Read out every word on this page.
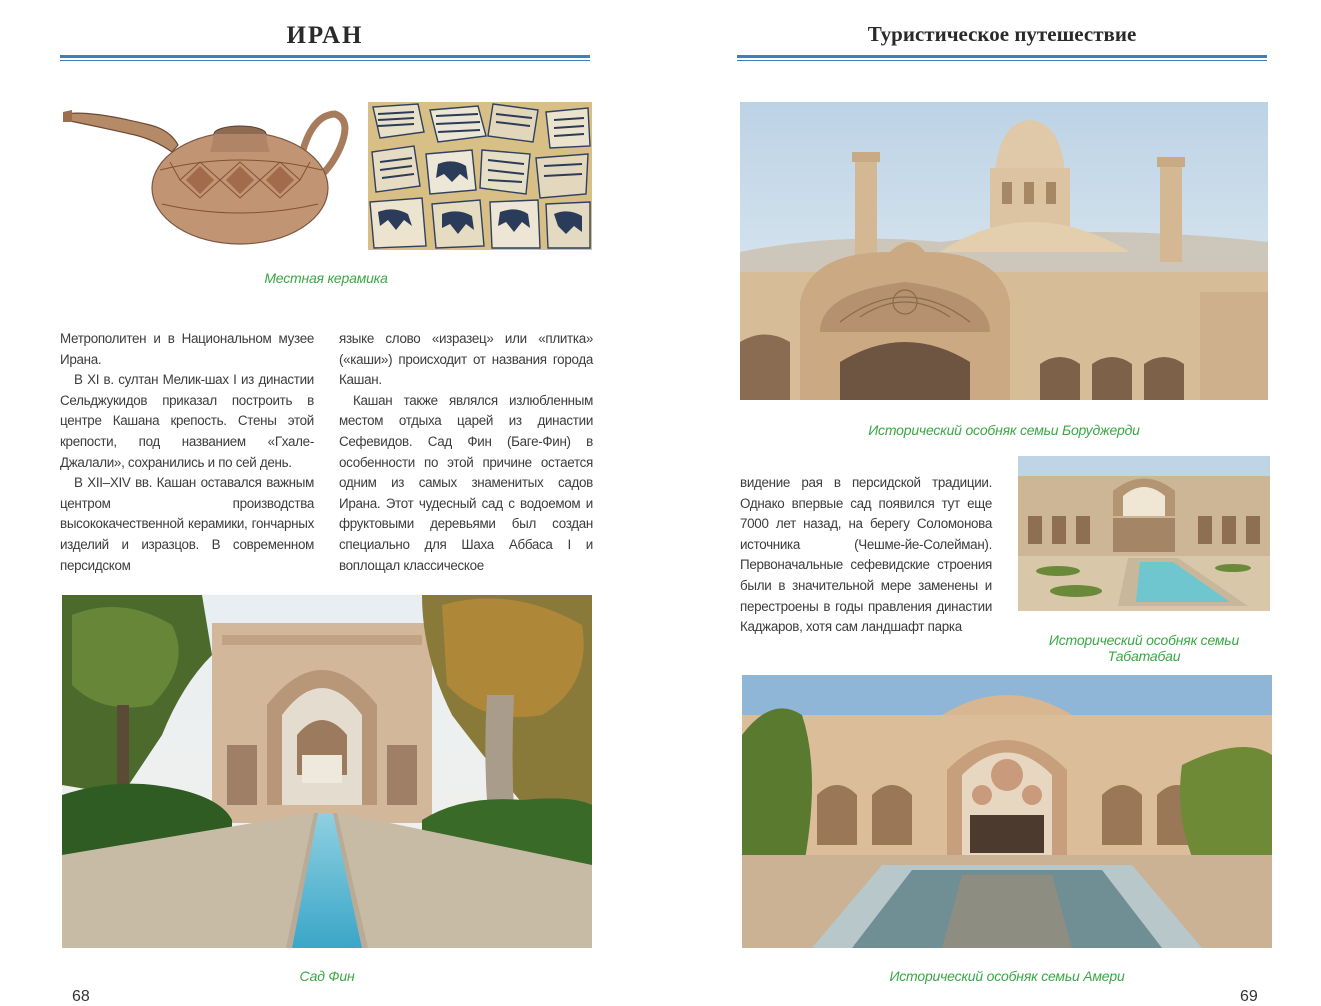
ИРАН
Местная керамика
Метрополитен и в Национальном музее Ирана.
В XI в. султан Мелик-шах I из династии Сельджукидов приказал построить в центре Кашана крепость. Стены этой крепости, под названием «Гхале-Джалали», сохранились и по сей день.
В XII–XIV вв. Кашан оставался важным центром производства высококачественной керамики, гончарных изделий и изразцов. В современном персидском
языке слово «изразец» или «плитка» («каши») происходит от названия города Кашан.
Кашан также являлся излюбленным местом отдыха царей из династии Сефевидов. Сад Фин (Баге-Фин) в особенности по этой причине остается одним из самых знаменитых садов Ирана. Этот чудесный сад с водоемом и фруктовыми деревьями был создан специально для Шаха Аббаса I и воплощал классическое
Сад Фин
68
Туристическое путешествие
Исторический особняк семьи Боруджерди
видение рая в персидской традиции. Однако впервые сад появился тут еще 7000 лет назад, на берегу Соломонова источника (Чешме-йе-Солейман). Первоначальные сефевидские строения были в значительной мере заменены и перестроены в годы правления династии Каджаров, хотя сам ландшафт парка
Исторический особняк семьи Табатабаи
Исторический особняк семьи Амери
69
